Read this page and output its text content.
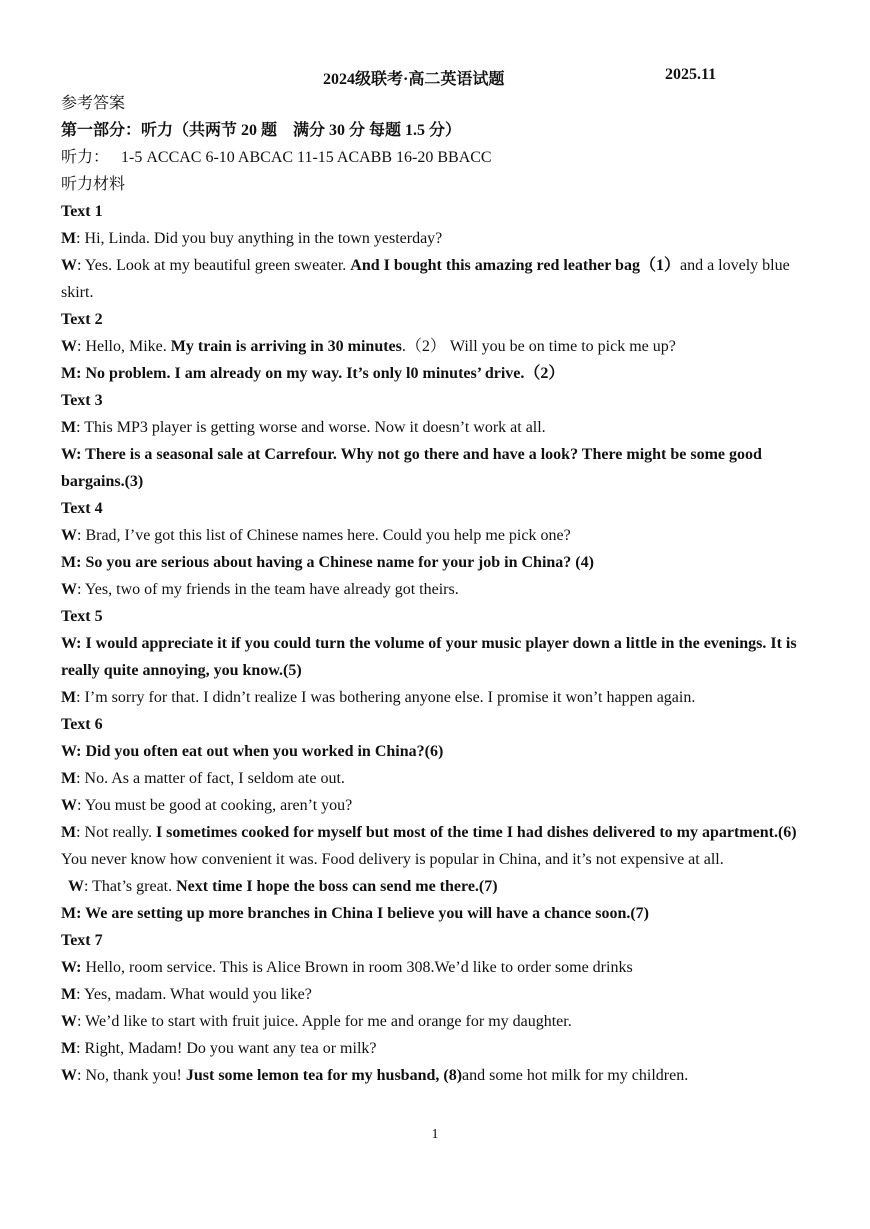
2024级联考·高二英语试题	2025.11
参考答案
第一部分：听力（共两节 20 题　满分 30 分 每题 1.5 分）
听力： 1-5 ACCAC 6-10 ABCAC 11-15 ACABB 16-20 BBACC
听力材料
Text 1
M: Hi, Linda. Did you buy anything in the town yesterday?
W: Yes. Look at my beautiful green sweater. And I bought this amazing red leather bag（1）and a lovely blue skirt.
Text 2
W: Hello, Mike. My train is arriving in 30 minutes.（2） Will you be on time to pick me up?
M: No problem. I am already on my way. It’s only l0 minutes’ drive.（2）
Text 3
M: This MP3 player is getting worse and worse. Now it doesn’t work at all.
W: There is a seasonal sale at Carrefour. Why not go there and have a look? There might be some good bargains.(3)
Text 4
W: Brad, I’ve got this list of Chinese names here. Could you help me pick one?
M: So you are serious about having a Chinese name for your job in China? (4)
W: Yes, two of my friends in the team have already got theirs.
Text 5
W: I would appreciate it if you could turn the volume of your music player down a little in the evenings. It is really quite annoying, you know.(5)
M: I’m sorry for that. I didn’t realize I was bothering anyone else. I promise it won’t happen again.
Text 6
W: Did you often eat out when you worked in China?(6)
M: No. As a matter of fact, I seldom ate out.
W: You must be good at cooking, aren’t you?
M: Not really. I sometimes cooked for myself but most of the time I had dishes delivered to my apartment.(6) You never know how convenient it was. Food delivery is popular in China, and it’s not expensive at all.
W: That’s great. Next time I hope the boss can send me there.(7)
M: We are setting up more branches in China I believe you will have a chance soon.(7)
Text 7
W: Hello, room service. This is Alice Brown in room 308.We’d like to order some drinks
M: Yes, madam. What would you like?
W: We’d like to start with fruit juice. Apple for me and orange for my daughter.
M: Right, Madam! Do you want any tea or milk?
W: No, thank you! Just some lemon tea for my husband, (8)and some hot milk for my children.
1
